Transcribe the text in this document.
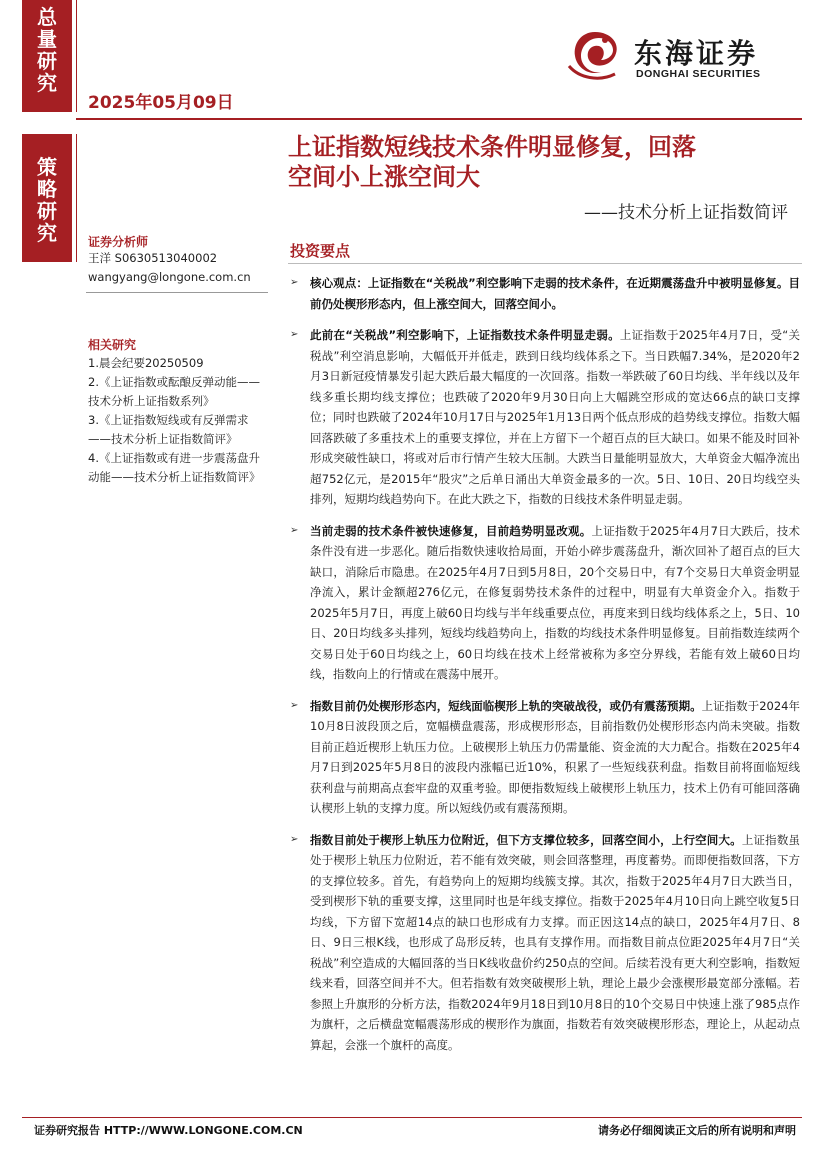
总
量
研
究
策
略
研
究
2025年05月09日
东海证券
DONGHAI SECURITIES
上证指数短线技术条件明显修复，回落
空间小上涨空间大
——技术分析上证指数简评
证券分析师
王洋 S0630513040002
wangyang@longone.com.cn
相关研究
1.晨会纪要20250509
2.《上证指数或酝酿反弹动能——技术分析上证指数系列》
3.《上证指数短线或有反弹需求——技术分析上证指数简评》
4.《上证指数或有进一步震荡盘升动能——技术分析上证指数简评》
投资要点
➢ 核心观点：上证指数在“关税战”利空影响下走弱的技术条件，在近期震荡盘升中被明显修复。目前仍处楔形形态内，但上涨空间大，回落空间小。
➢ 此前在“关税战”利空影响下，上证指数技术条件明显走弱。上证指数于2025年4月7日，受“关税战”利空消息影响，大幅低开并低走，跌到日线均线体系之下。当日跌幅7.34%，是2020年2月3日新冠疫情暴发引起大跌后最大幅度的一次回落。指数一举跌破了60日均线、半年线以及年线多重长期均线支撑位；也跌破了2020年9月30日向上大幅跳空形成的宽达66点的缺口支撑位；同时也跌破了2024年10月17日与2025年1月13日两个低点形成的趋势线支撑位。指数大幅回落跌破了多重技术上的重要支撑位，并在上方留下一个超百点的巨大缺口。如果不能及时回补形成突破性缺口，将或对后市行情产生较大压制。大跌当日量能明显放大，大单资金大幅净流出超752亿元，是2015年“股灾”之后单日涌出大单资金最多的一次。5日、10日、20日均线空头排列，短期均线趋势向下。在此大跌之下，指数的日线技术条件明显走弱。
➢ 当前走弱的技术条件被快速修复，目前趋势明显改观。上证指数于2025年4月7日大跌后，技术条件没有进一步恶化。随后指数快速收拾局面，开始小碎步震荡盘升，渐次回补了超百点的巨大缺口，消除后市隐患。在2025年4月7日到5月8日，20个交易日中，有7个交易日大单资金明显净流入，累计金额超276亿元，在修复弱势技术条件的过程中，明显有大单资金介入。指数于2025年5月7日，再度上破60日均线与半年线重要点位，再度来到日线均线体系之上，5日、10日、20日均线多头排列，短线均线趋势向上，指数的均线技术条件明显修复。目前指数连续两个交易日处于60日均线之上，60日均线在技术上经常被称为多空分界线，若能有效上破60日均线，指数向上的行情或在震荡中展开。
➢ 指数目前仍处楔形形态内，短线面临楔形上轨的突破战役，或仍有震荡预期。上证指数于2024年10月8日波段顶之后，宽幅横盘震荡，形成楔形形态，目前指数仍处楔形形态内尚未突破。指数目前正趋近楔形上轨压力位。上破楔形上轨压力仍需量能、资金流的大力配合。指数在2025年4月7日到2025年5月8日的波段内涨幅已近10%，积累了一些短线获利盘。指数目前将面临短线获利盘与前期高点套牢盘的双重考验。即便指数短线上破楔形上轨压力，技术上仍有可能回落确认楔形上轨的支撑力度。所以短线仍或有震荡预期。
➢ 指数目前处于楔形上轨压力位附近，但下方支撑位较多，回落空间小，上行空间大。上证指数虽处于楔形上轨压力位附近，若不能有效突破，则会回落整理，再度蓄势。而即便指数回落，下方的支撑位较多。首先，有趋势向上的短期均线簇支撑。其次，指数于2025年4月7日大跌当日，受到楔形下轨的重要支撑，这里同时也是年线支撑位。指数于2025年4月10日向上跳空收复5日均线，下方留下宽超14点的缺口也形成有力支撑。而正因这14点的缺口，2025年4月7日、8日、9日三根K线，也形成了岛形反转，也具有支撑作用。而指数目前点位距2025年4月7日“关税战”利空造成的大幅回落的当日K线收盘价约250点的空间。后续若没有更大利空影响，指数短线来看，回落空间并不大。但若指数有效突破楔形上轨，理论上最少会涨楔形最宽部分涨幅。若参照上升旗形的分析方法，指数2024年9月18日到10月8日的10个交易日中快速上涨了985点作为旗杆，之后横盘宽幅震荡形成的楔形作为旗面，指数若有效突破楔形形态，理论上，从起动点算起，会涨一个旗杆的高度。
证券研究报告 HTTP://WWW.LONGONE.COM.CN	请务必仔细阅读正文后的所有说明和声明
